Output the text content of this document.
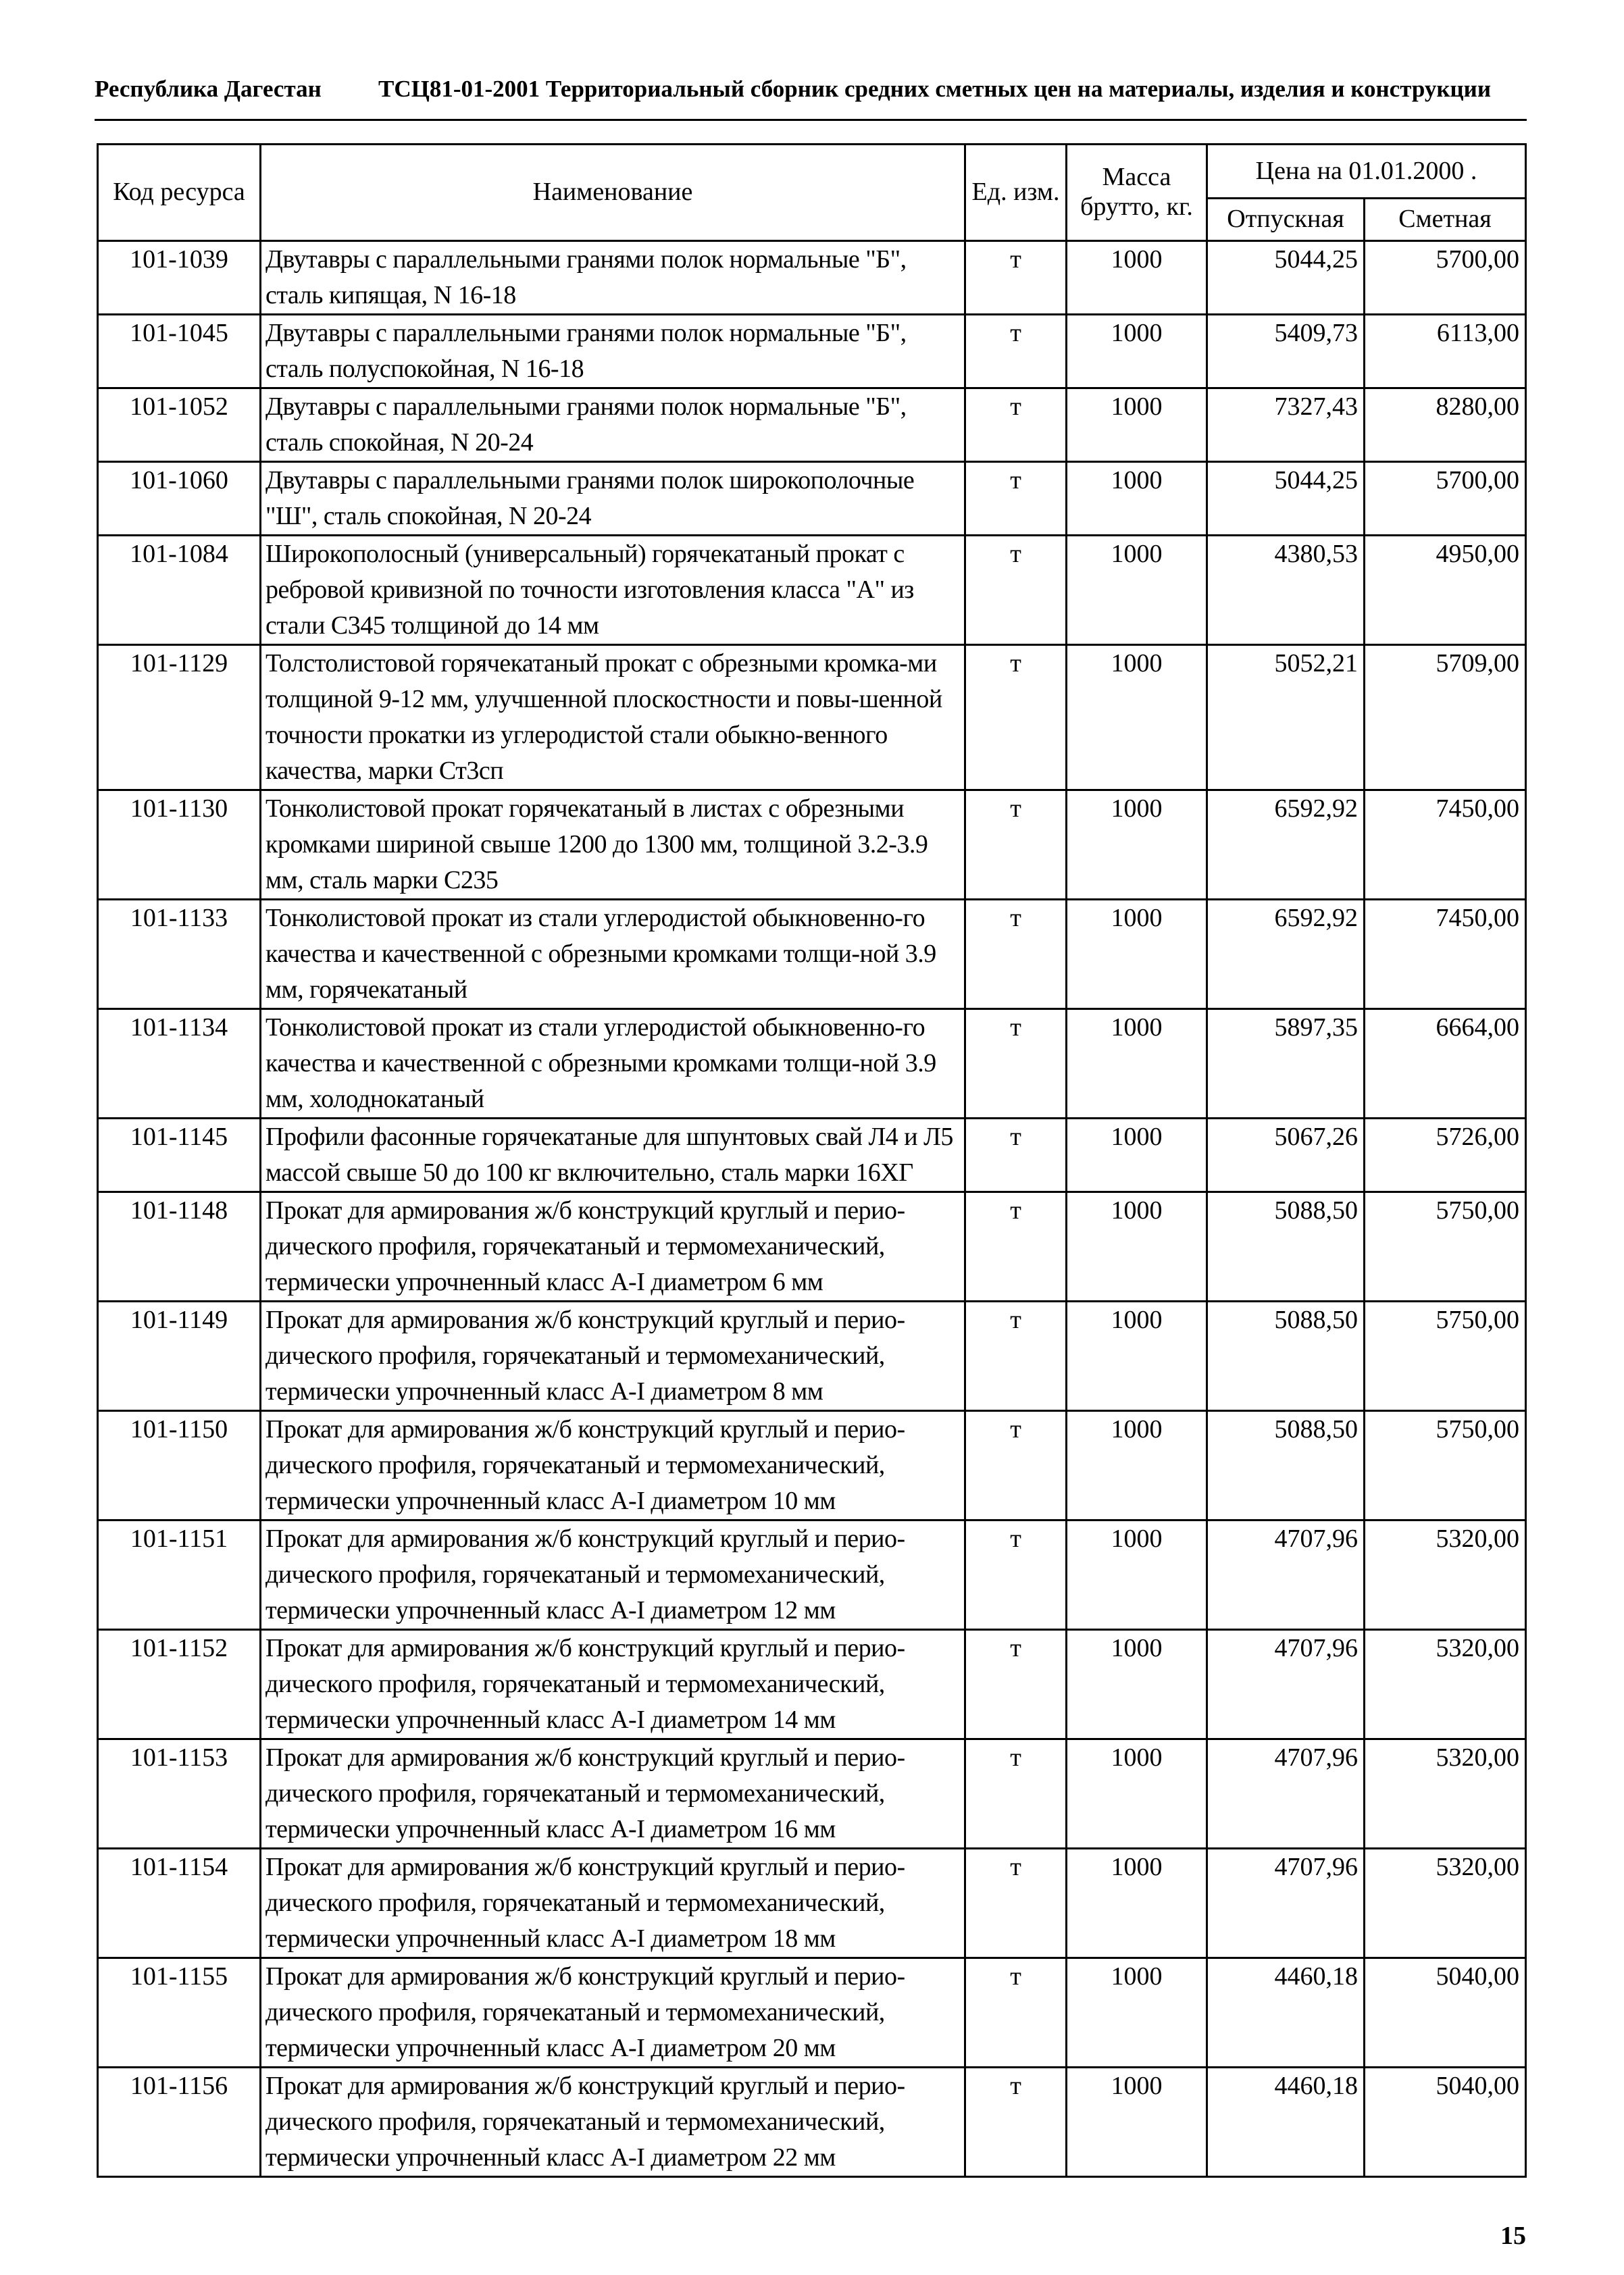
Республика Дагестан ТСЦ81-01-2001 Территориальный сборник средних сметных цен на материалы, изделия и конструкции
Код ресурса	Наименование	Ед. изм.	Масса брутто, кг.	Цена на 01.01.2000 .	
				Отпускная	Сметная
101-1039	Двутавры с параллельными гранями полок нормальные "Б", сталь кипящая, N 16-18	т	1000	5044,25	5700,00
101-1045	Двутавры с параллельными гранями полок нормальные "Б", сталь полуспокойная, N 16-18	т	1000	5409,73	6113,00
101-1052	Двутавры с параллельными гранями полок нормальные "Б", сталь спокойная, N 20-24	т	1000	7327,43	8280,00
101-1060	Двутавры с параллельными гранями полок широкополочные "Ш", сталь спокойная, N 20-24	т	1000	5044,25	5700,00
101-1084	Широкополосный (универсальный) горячекатаный прокат с ребровой кривизной по точности изготовления класса "А" из стали С345 толщиной до 14 мм	т	1000	4380,53	4950,00
101-1129	Толстолистовой горячекатаный прокат с обрезными кромка-ми толщиной 9-12 мм, улучшенной плоскостности и повы-шенной точности прокатки из углеродистой стали обыкно-венного качества, марки Ст3сп	т	1000	5052,21	5709,00
101-1130	Тонколистовой прокат горячекатаный в листах с обрезными кромками шириной свыше 1200 до 1300 мм, толщиной 3.2-3.9 мм, сталь марки С235	т	1000	6592,92	7450,00
101-1133	Тонколистовой прокат из стали углеродистой обыкновенно-го качества и качественной с обрезными кромками толщи-ной 3.9 мм, горячекатаный	т	1000	6592,92	7450,00
101-1134	Тонколистовой прокат из стали углеродистой обыкновенно-го качества и качественной с обрезными кромками толщи-ной 3.9 мм, холоднокатаный	т	1000	5897,35	6664,00
101-1145	Профили фасонные горячекатаные для шпунтовых свай Л4 и Л5 массой свыше 50 до 100 кг включительно, сталь марки 16ХГ	т	1000	5067,26	5726,00
101-1148	Прокат для армирования ж/б конструкций круглый и перио-дического профиля, горячекатаный и термомеханический, термически упрочненный класс А-I диаметром 6 мм	т	1000	5088,50	5750,00
101-1149	Прокат для армирования ж/б конструкций круглый и перио-дического профиля, горячекатаный и термомеханический, термически упрочненный класс А-I диаметром 8 мм	т	1000	5088,50	5750,00
101-1150	Прокат для армирования ж/б конструкций круглый и перио-дического профиля, горячекатаный и термомеханический, термически упрочненный класс А-I диаметром 10 мм	т	1000	5088,50	5750,00
101-1151	Прокат для армирования ж/б конструкций круглый и перио-дического профиля, горячекатаный и термомеханический, термически упрочненный класс А-I диаметром 12 мм	т	1000	4707,96	5320,00
101-1152	Прокат для армирования ж/б конструкций круглый и перио-дического профиля, горячекатаный и термомеханический, термически упрочненный класс А-I диаметром 14 мм	т	1000	4707,96	5320,00
101-1153	Прокат для армирования ж/б конструкций круглый и перио-дического профиля, горячекатаный и термомеханический, термически упрочненный класс А-I диаметром 16 мм	т	1000	4707,96	5320,00
101-1154	Прокат для армирования ж/б конструкций круглый и перио-дического профиля, горячекатаный и термомеханический, термически упрочненный класс А-I диаметром 18 мм	т	1000	4707,96	5320,00
101-1155	Прокат для армирования ж/б конструкций круглый и перио-дического профиля, горячекатаный и термомеханический, термически упрочненный класс А-I диаметром 20 мм	т	1000	4460,18	5040,00
101-1156	Прокат для армирования ж/б конструкций круглый и перио-дического профиля, горячекатаный и термомеханический, термически упрочненный класс А-I диаметром 22 мм	т	1000	4460,18	5040,00
15
